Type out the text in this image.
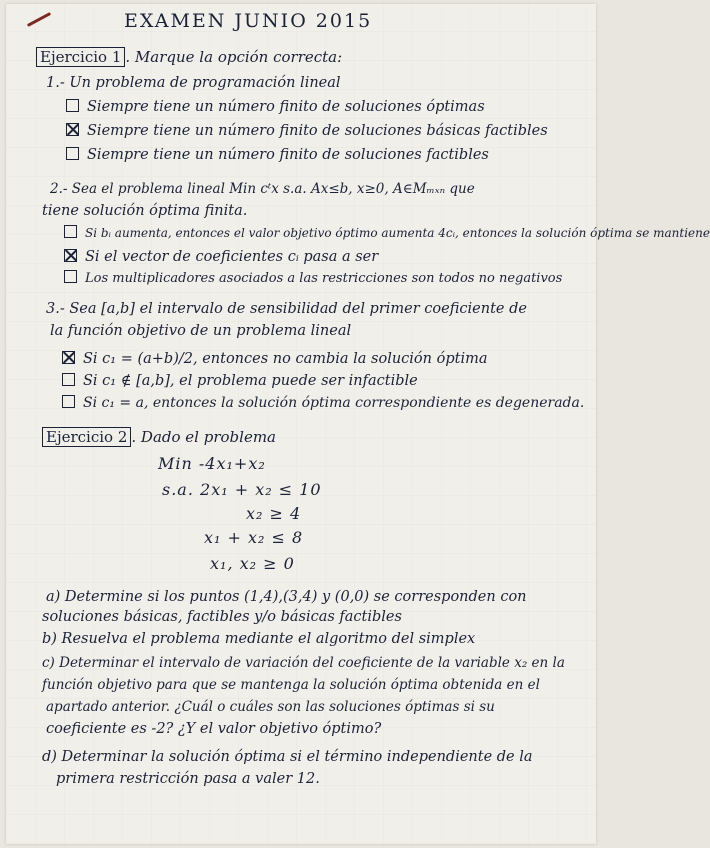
EXAMEN JUNIO 2015
Ejercicio 1 . Marque la opción correcta:
1.- Un problema de programación lineal
Siempre tiene un número finito de soluciones óptimas
Siempre tiene un número finito de soluciones básicas factibles
Siempre tiene un número finito de soluciones factibles
2.- Sea el problema lineal Min cᵗx s.a. Ax≤b, x≥0, A∈Mₘₓₙ que
tiene solución óptima finita.
Si bᵢ aumenta, entonces el valor objetivo óptimo aumenta 4cᵢ, entonces la solución óptima se mantiene
Si el vector de coeficientes cᵢ pasa a ser
Los multiplicadores asociados a las restricciones son todos no negativos
3.- Sea [a,b] el intervalo de sensibilidad del primer coeficiente de
la función objetivo de un problema lineal
Si c₁ = (a+b)/2, entonces no cambia la solución óptima
Si c₁ ∉ [a,b], el problema puede ser infactible
Si c₁ = a, entonces la solución óptima correspondiente es degenerada.
Ejercicio 2 . Dado el problema
Min -4x₁+x₂
s.a. 2x₁ + x₂ ≤ 10
x₂ ≥ 4
x₁ + x₂ ≤ 8
x₁, x₂ ≥ 0
a) Determine si los puntos (1,4),(3,4) y (0,0) se corresponden con
soluciones básicas, factibles y/o básicas factibles
b) Resuelva el problema mediante el algoritmo del simplex
c) Determinar el intervalo de variación del coeficiente de la variable x₂ en la
función objetivo para que se mantenga la solución óptima obtenida en el
apartado anterior. ¿Cuál o cuáles son las soluciones óptimas si su
coeficiente es -2? ¿Y el valor objetivo óptimo?
d) Determinar la solución óptima si el término independiente de la
primera restricción pasa a valer 12.
